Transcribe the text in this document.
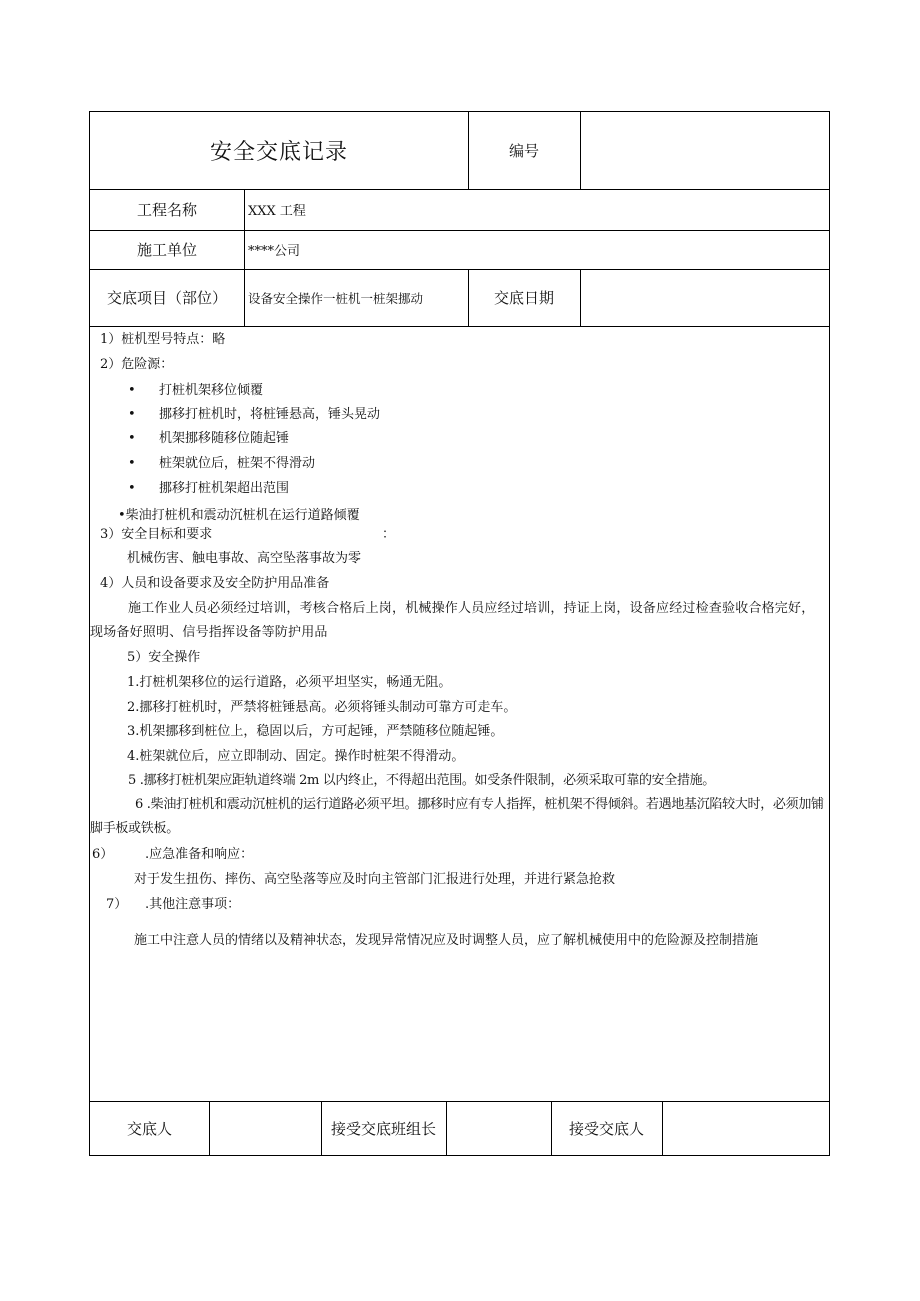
安全交底记录	编号
工程名称	XXX 工程
施工单位	****公司
交底项目（部位）	设备安全操作一桩机一桩架挪动	交底日期
1）桩机型号特点：略
2）危险源：
• 打桩机架移位倾覆
• 挪移打桩机时，将桩锤悬高，锤头晃动
• 机架挪移随移位随起锤
• 桩架就位后，桩架不得滑动
• 挪移打桩机架超出范围
•柴油打桩机和震动沉桩机在运行道路倾覆
3）安全目标和要求	：
机械伤害、触电事故、高空坠落事故为零
4）人员和设备要求及安全防护用品准备
施工作业人员必须经过培训，考核合格后上岗，机械操作人员应经过培训，持证上岗，设备应经过检查验收合格完好，现场备好照明、信号指挥设备等防护用品
5）安全操作
1.打桩机架移位的运行道路，必须平坦坚实，畅通无阻。
2.挪移打桩机时，严禁将桩锤悬高。必须将锤头制动可靠方可走车。
3.机架挪移到桩位上，稳固以后，方可起锤，严禁随移位随起锤。
4.桩架就位后，应立即制动、固定。操作时桩架不得滑动。
5 .挪移打桩机架应距轨道终端 2m 以内终止，不得超出范围。如受条件限制，必须采取可靠的安全措施。
6 .柴油打桩机和震动沉桩机的运行道路必须平坦。挪移时应有专人指挥，桩机架不得倾斜。若遇地基沉陷较大时，必须加铺脚手板或铁板。
6） .应急准备和响应：
对于发生扭伤、摔伤、高空坠落等应及时向主管部门汇报进行处理，并进行紧急抢救
7） .其他注意事项：
施工中注意人员的情绪以及精神状态，发现异常情况应及时调整人员，应了解机械使用中的危险源及控制措施
交底人	接受交底班组长	接受交底人
